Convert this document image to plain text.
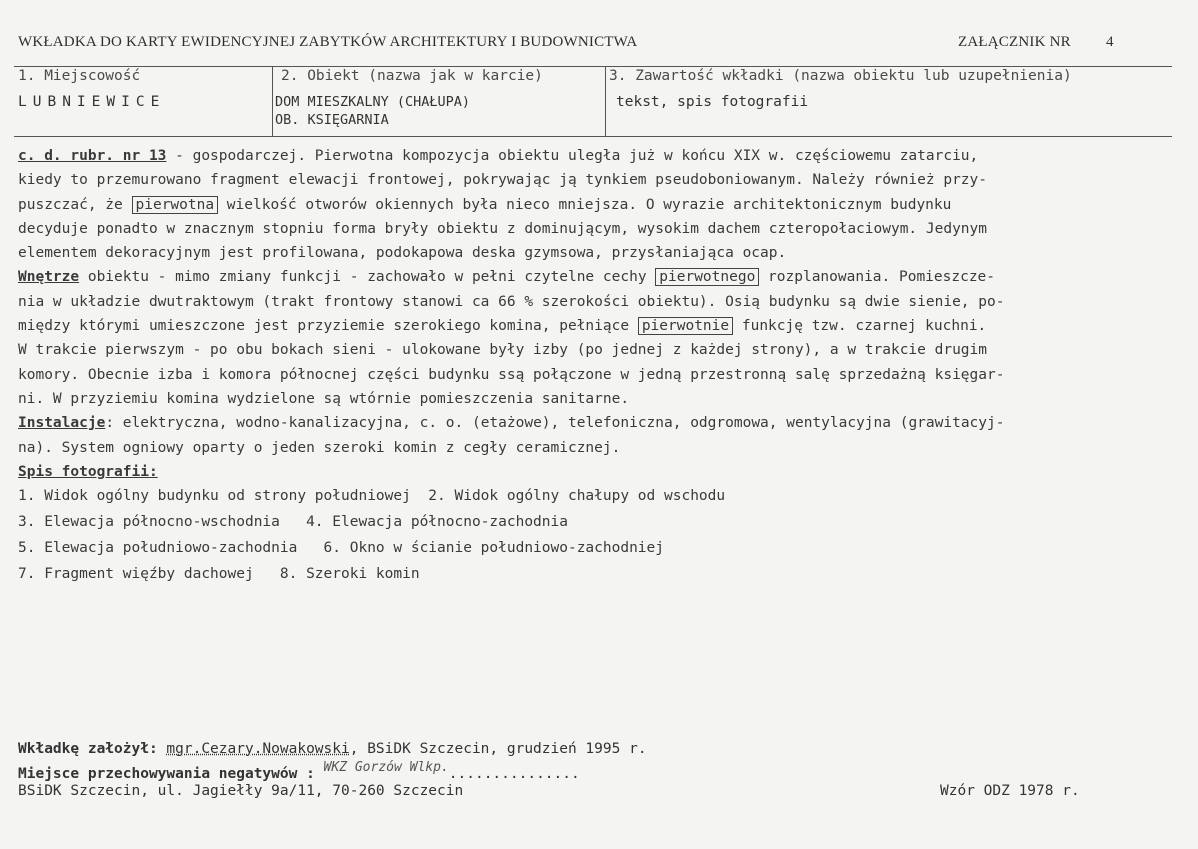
WKŁADKA DO KARTY EWIDENCYJNEJ ZABYTKÓW ARCHITEKTURY I BUDOWNICTWA	ZAŁĄCZNIK NR 4
1. Miejscowość
LUBNIEWICE
2. Obiekt (nazwa jak w karcie)
DOM MIESZKALNY (CHAŁUPA)
OB. KSIĘGARNIA
3. Zawartość wkładki (nazwa obiektu lub uzupełnienia)
tekst, spis fotografii
c. d. rubr. nr 13 - gospodarczej. Pierwotna kompozycja obiektu uległa już w końcu XIX w. częściowemu zatarciu,
kiedy to przemurowano fragment elewacji frontowej, pokrywając ją tynkiem pseudoboniowanym. Należy również przy-
puszczać, że pierwotna wielkość otworów okiennych była nieco mniejsza. O wyrazie architektonicznym budynku
decyduje ponadto w znacznym stopniu forma bryły obiektu z dominującym, wysokim dachem czteropołaciowym. Jedynym
elementem dekoracyjnym jest profilowana, podokapowa deska gzymsowa, przysłaniająca ocap.
Wnętrze obiektu - mimo zmiany funkcji - zachowało w pełni czytelne cechy pierwotnego rozplanowania. Pomieszcze-
nia w układzie dwutraktowym (trakt frontowy stanowi ca 66 % szerokości obiektu). Osią budynku są dwie sienie, po-
między którymi umieszczone jest przyziemie szerokiego komina, pełniące pierwotnie funkcję tzw. czarnej kuchni.
W trakcie pierwszym - po obu bokach sieni - ulokowane były izby (po jednej z każdej strony), a w trakcie drugim
komory. Obecnie izba i komora północnej części budynku ssą połączone w jedną przestronną salę sprzedażną księgar-
ni. W przyziemiu komina wydzielone są wtórnie pomieszczenia sanitarne.
Instalacje: elektryczna, wodno-kanalizacyjna, c. o. (etażowe), telefoniczna, odgromowa, wentylacyjna (grawitacyj-
na). System ogniowy oparty o jeden szeroki komin z cegły ceramicznej.
Spis fotografii:
1. Widok ogólny budynku od strony południowej  2. Widok ogólny chałupy od wschodu
3. Elewacja północno-wschodnia   4. Elewacja północno-zachodnia
5. Elewacja południowo-zachodnia   6. Okno w ścianie południowo-zachodniej
7. Fragment więźby dachowej   8. Szeroki komin
Wkładkę założył: mgr.Cezary.Nowakowski, BSiDK Szczecin, grudzień 1995 r.
Miejsce przechowywania negatywów : WKZ Gorzów Wlkp................
BSiDK Szczecin, ul. Jagiełły 9a/11, 70-260 Szczecin	Wzór ODZ 1978 r.
